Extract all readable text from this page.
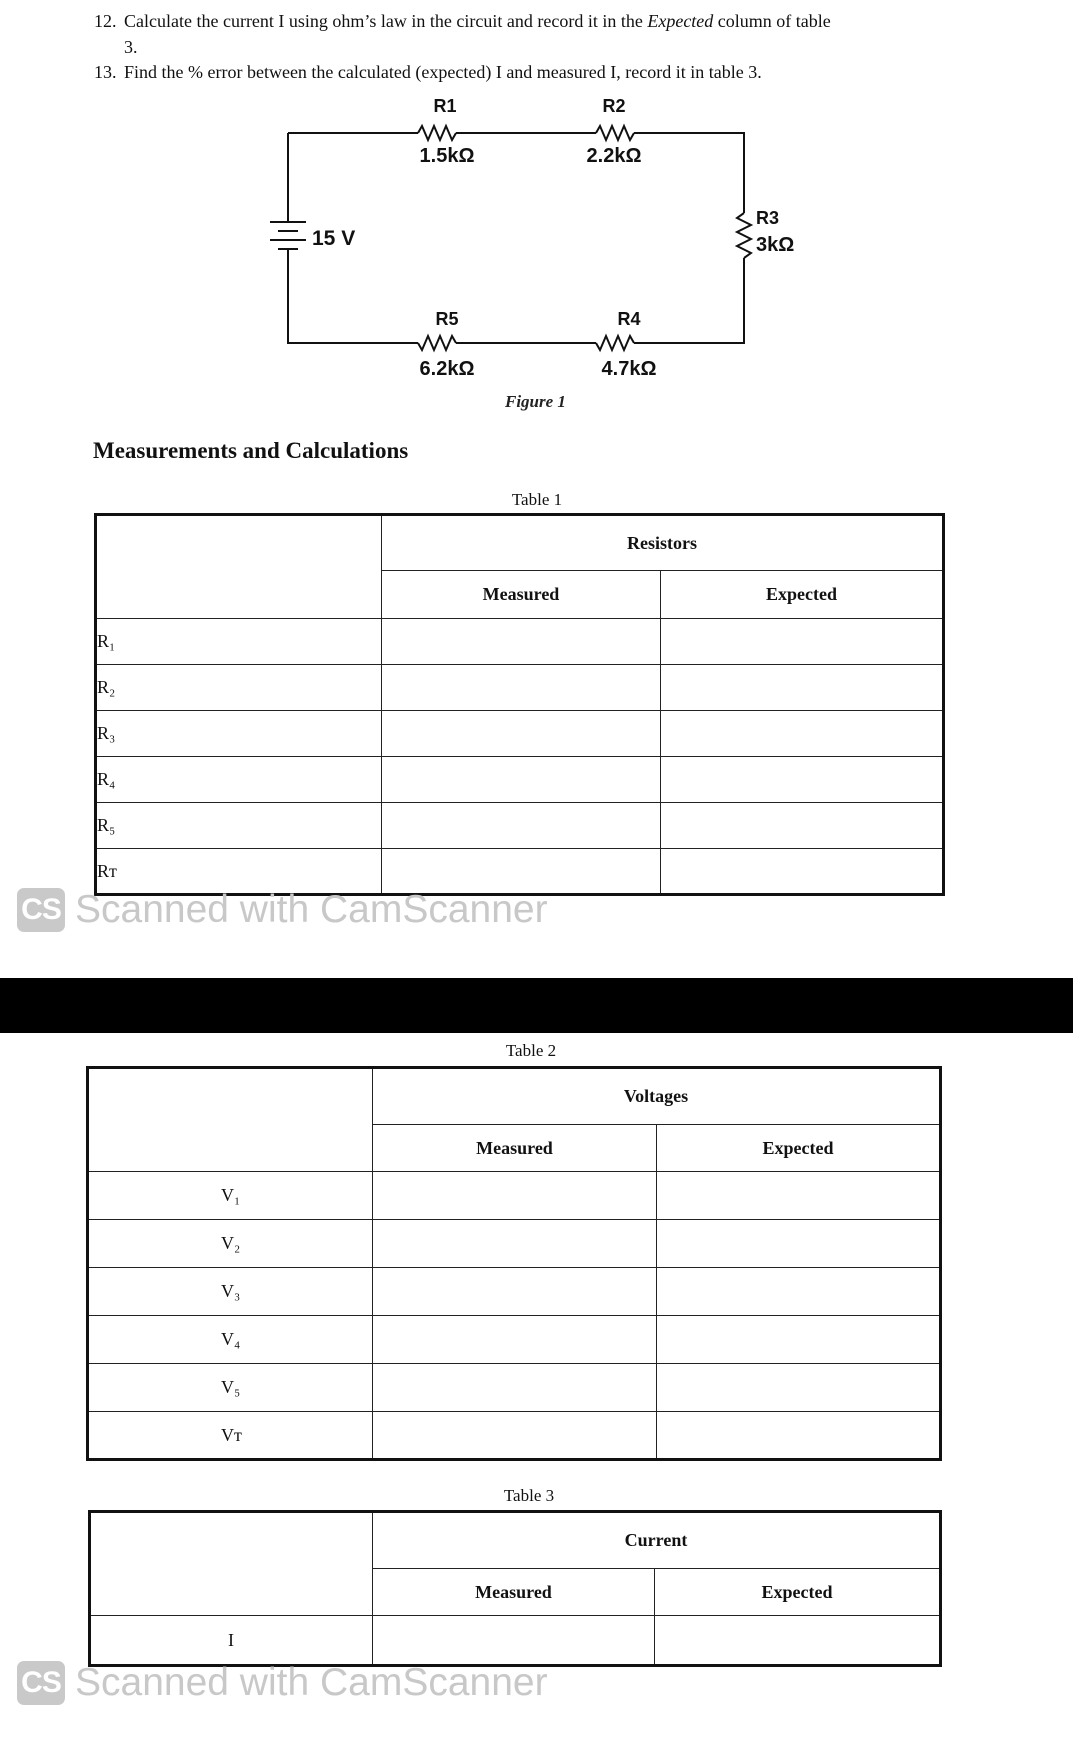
12. Calculate the current I using ohm’s law in the circuit and record it in the Expected column of table
3.
13. Find the % error between the calculated (expected) I and measured I, record it in table 3.
15 V
R1
1.5kΩ
R2
2.2kΩ
R3
3kΩ
R4
4.7kΩ
R5
6.2kΩ
Figure 1
Measurements and Calculations
Table 1
	Resistors	
	Measured	Expected
R₁		
R₂		
R₃		
R₄		
R₅		
Rᴛ		
CS Scanned with CamScanner
Table 2
	Voltages	
	Measured	Expected
V₁		
V₂		
V₃		
V₄		
V₅		
Vᴛ		
Table 3
	Current	
	Measured	Expected
I		
CS Scanned with CamScanner
